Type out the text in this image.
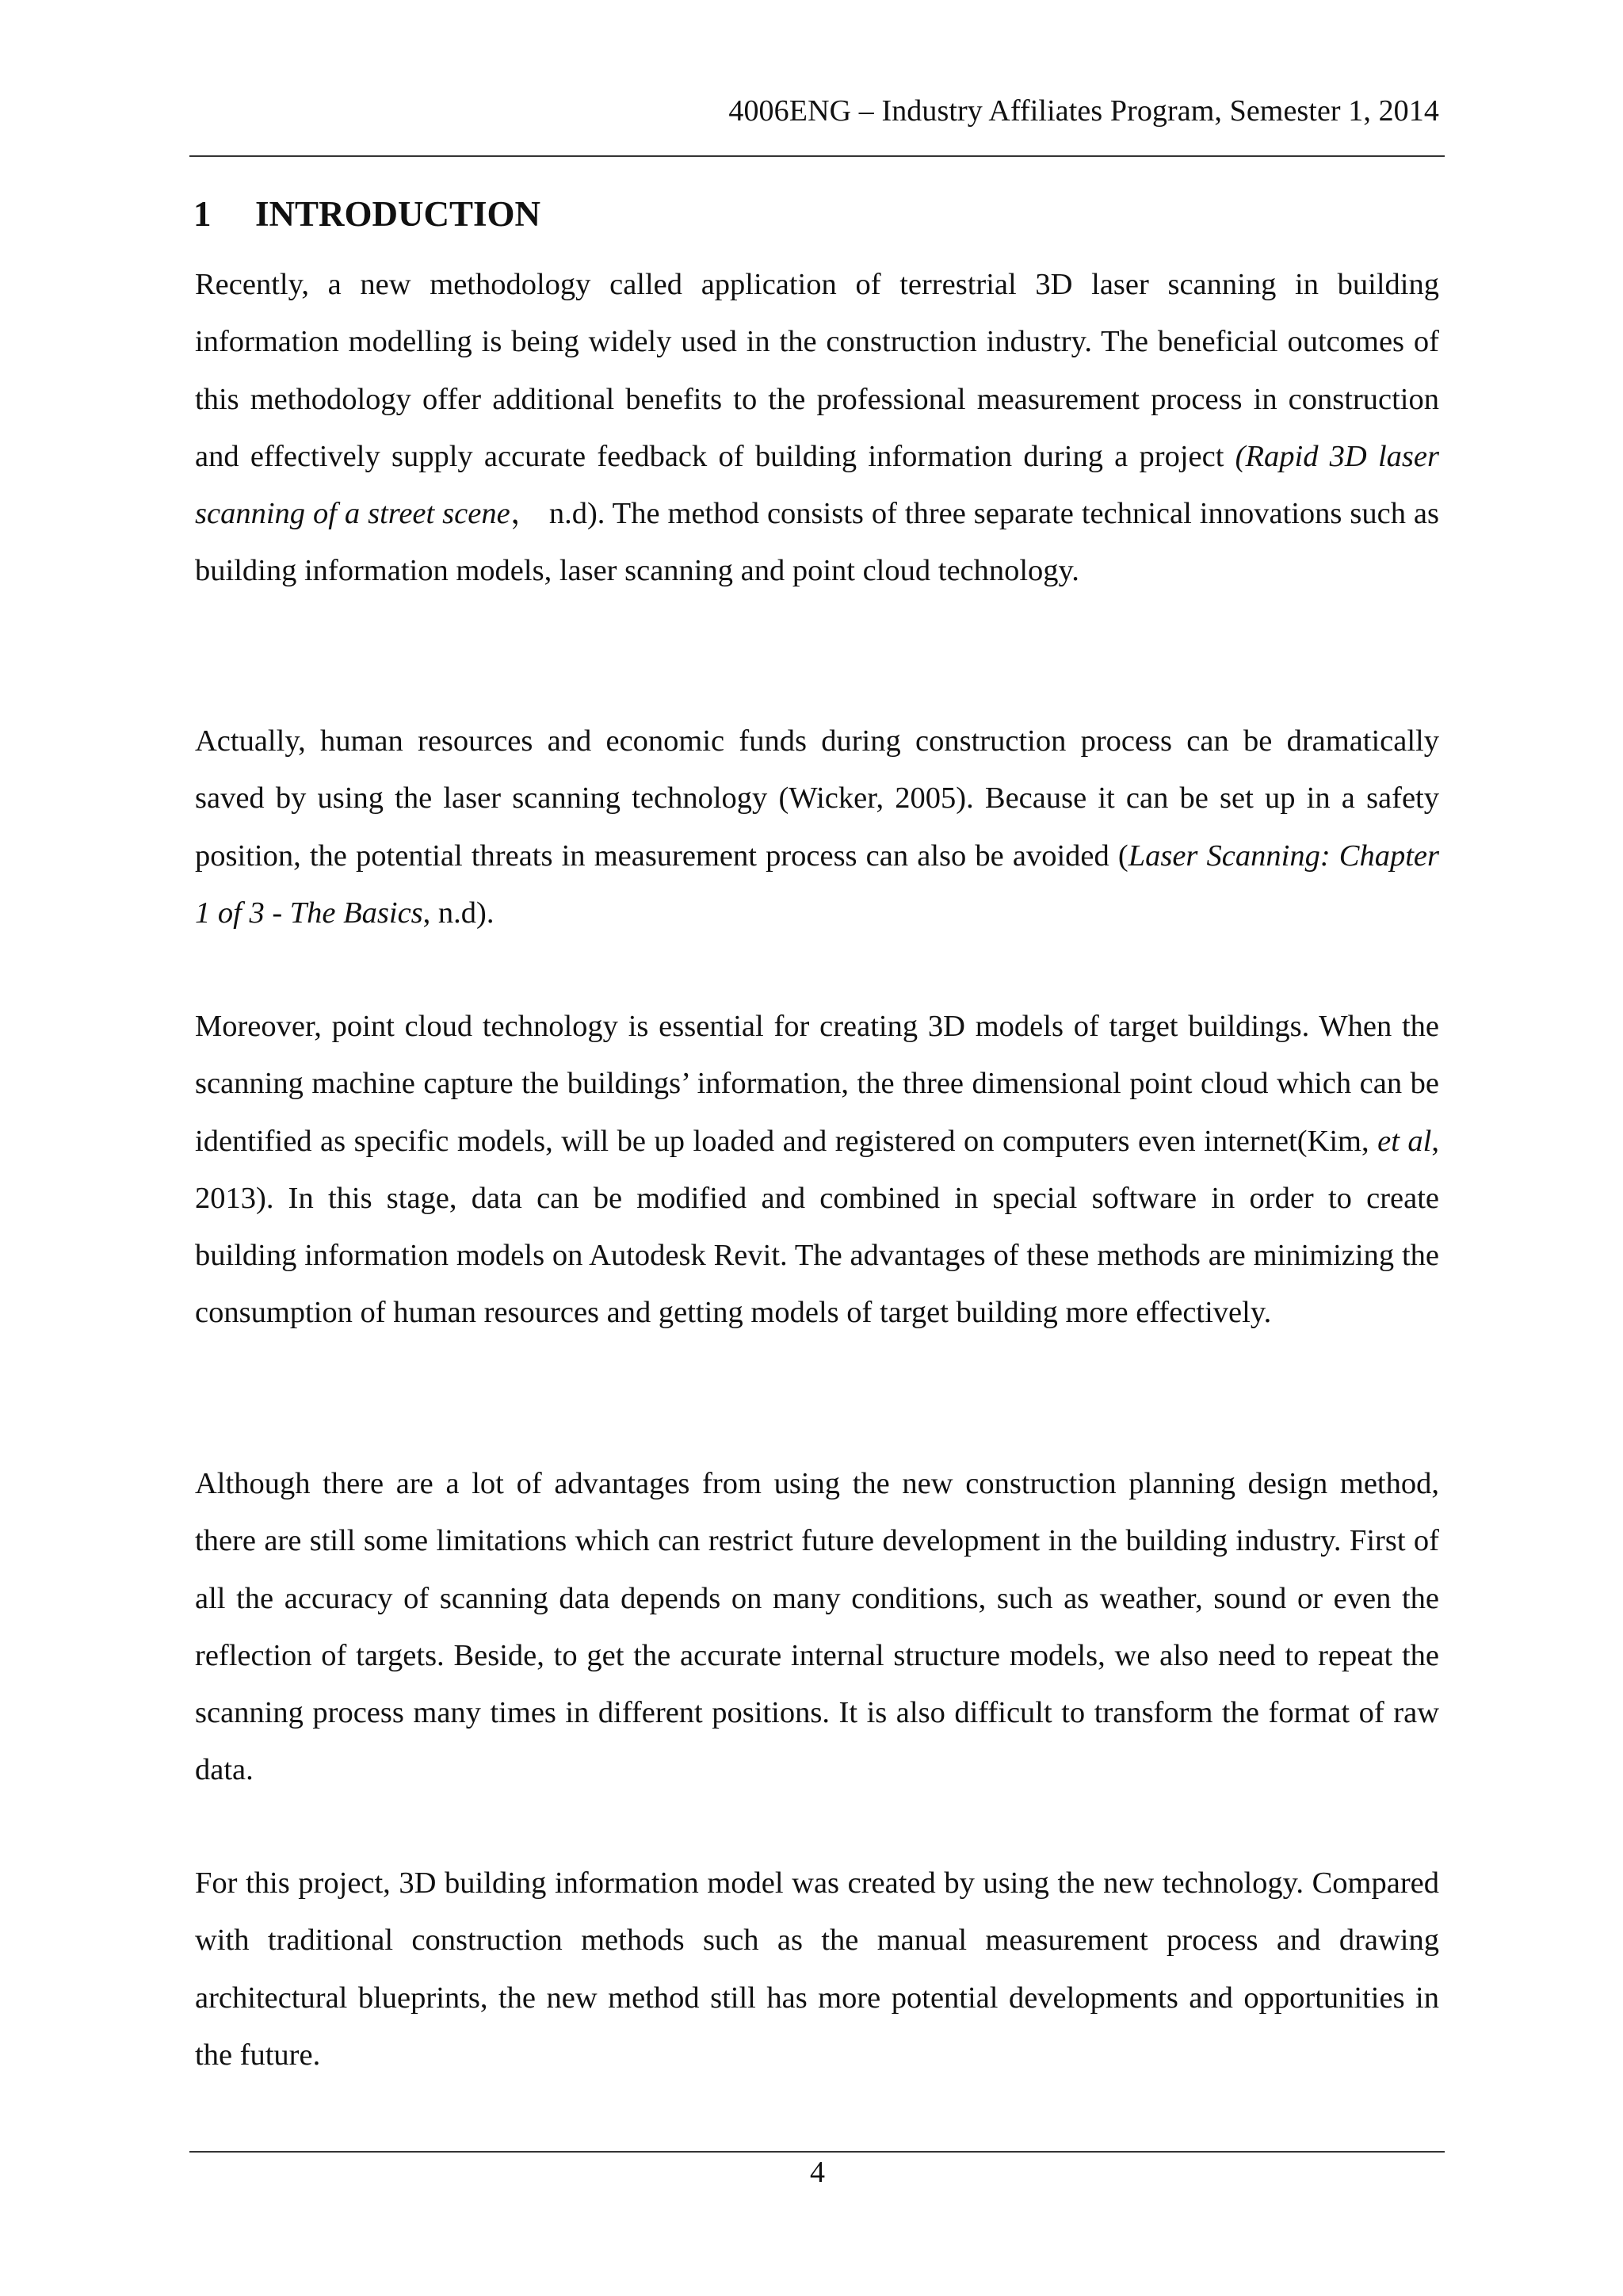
4006ENG – Industry Affiliates Program, Semester 1, 2014
1 INTRODUCTION

Recently, a new methodology called application of terrestrial 3D laser scanning in building information modelling is being widely used in the construction industry. The beneficial outcomes of this methodology offer additional benefits to the professional measurement process in construction and effectively supply accurate feedback of building information during a project (Rapid 3D laser scanning of a street scene， n.d). The method consists of three separate technical innovations such as building information models, laser scanning and point cloud technology.

Actually, human resources and economic funds during construction process can be dramatically saved by using the laser scanning technology (Wicker, 2005). Because it can be set up in a safety position, the potential threats in measurement process can also be avoided (Laser Scanning: Chapter 1 of 3 - The Basics, n.d).

Moreover, point cloud technology is essential for creating 3D models of target buildings. When the scanning machine capture the buildings’ information, the three dimensional point cloud which can be identified as specific models, will be up loaded and registered on computers even internet(Kim, et al, 2013). In this stage, data can be modified and combined in special software in order to create building information models on Autodesk Revit. The advantages of these methods are minimizing the consumption of human resources and getting models of target building more effectively.

Although there are a lot of advantages from using the new construction planning design method, there are still some limitations which can restrict future development in the building industry. First of all the accuracy of scanning data depends on many conditions, such as weather, sound or even the reflection of targets. Beside, to get the accurate internal structure models, we also need to repeat the scanning process many times in different positions. It is also difficult to transform the format of raw data.

For this project, 3D building information model was created by using the new technology. Compared with traditional construction methods such as the manual measurement process and drawing architectural blueprints, the new method still has more potential developments and opportunities in the future.

4
